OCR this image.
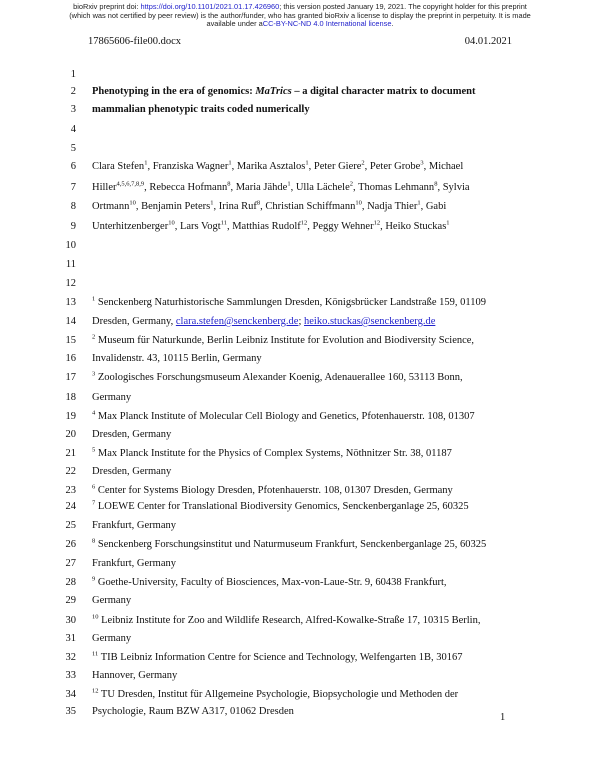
bioRxiv preprint doi: https://doi.org/10.1101/2021.01.17.426960; this version posted January 19, 2021. The copyright holder for this preprint
(which was not certified by peer review) is the author/funder, who has granted bioRxiv a license to display the preprint in perpetuity. It is made
available under aCC-BY-NC-ND 4.0 International license.
17865606-file00.docx	04.01.2021
1
2 Phenotyping in the era of genomics: MaTrics – a digital character matrix to document
3 mammalian phenotypic traits coded numerically
4
5
6 Clara Stefen$^1$, Franziska Wagner$^1$, Marika Asztalos$^1$, Peter Giere$^2$, Peter Grobe$^3$, Michael
7 Hiller$^{4,5,6,7,8,9}$, Rebecca Hofmann$^8$, Maria Jähde$^1$, Ulla Lächele$^2$, Thomas Lehmann$^8$, Sylvia
8 Ortmann$^{10}$, Benjamin Peters$^1$, Irina Ruf$^8$, Christian Schiffmann$^{10}$, Nadja Thier$^1$, Gabi
9 Unterhitzenberger$^{10}$, Lars Vogt$^{11}$, Matthias Rudolf$^{12}$, Peggy Wehner$^{12}$, Heiko Stuckas$^1$
10
11
12
13 $^1$ Senckenberg Naturhistorische Sammlungen Dresden, Königsbrücker Landstraße 159, 01109
14 Dresden, Germany, clara.stefen@senckenberg.de; heiko.stuckas@senckenberg.de
15 $^2$ Museum für Naturkunde, Berlin Leibniz Institute for Evolution and Biodiversity Science,
16 Invalidenstr. 43, 10115 Berlin, Germany
17 $^3$ Zoologisches Forschungsmuseum Alexander Koenig, Adenauerallee 160, 53113 Bonn,
18 Germany
19 $^4$ Max Planck Institute of Molecular Cell Biology and Genetics, Pfotenhauerstr. 108, 01307
20 Dresden, Germany
21 $^5$ Max Planck Institute for the Physics of Complex Systems, Nöthnitzer Str. 38, 01187
22 Dresden, Germany
23 $^6$ Center for Systems Biology Dresden, Pfotenhauerstr. 108, 01307 Dresden, Germany
24 $^7$ LOEWE Center for Translational Biodiversity Genomics, Senckenberganlage 25, 60325
25 Frankfurt, Germany
26 $^8$ Senckenberg Forschungsinstitut und Naturmuseum Frankfurt, Senckenberganlage 25, 60325
27 Frankfurt, Germany
28 $^9$ Goethe-University, Faculty of Biosciences, Max-von-Laue-Str. 9, 60438 Frankfurt,
29 Germany
30 $^{10}$ Leibniz Institute for Zoo and Wildlife Research, Alfred-Kowalke-Straße 17, 10315 Berlin,
31 Germany
32 $^{11}$ TIB Leibniz Information Centre for Science and Technology, Welfengarten 1B, 30167
33 Hannover, Germany
34 $^{12}$ TU Dresden, Institut für Allgemeine Psychologie, Biopsychologie und Methoden der
35 Psychologie, Raum BZW A317, 01062 Dresden
1
